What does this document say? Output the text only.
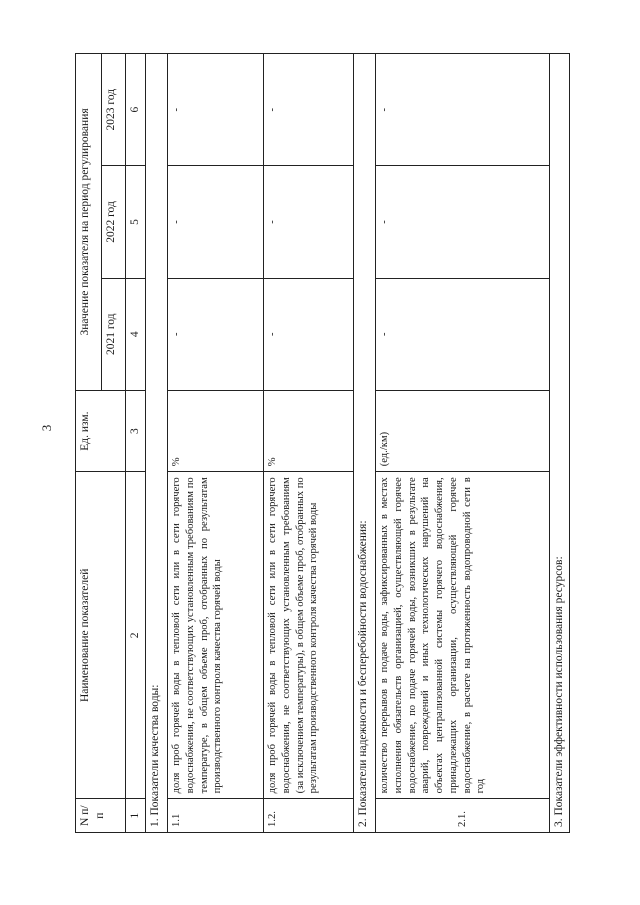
3
N п/п	Наименование показателей	Ед. изм.	Значение показателя на период регулирования		
			2021 год	2022 год	2023 год
1	2	3	4	5	6
1. Показатели качества воды:					
1.1	доля проб горячей воды в тепловой сети или в сети горячего водоснабжения, не соответствующих установленным требованиям по температуре, в общем объеме проб, отобранных по результатам производственного контроля качества горячей воды	%	-	-	-
1.2.	доля проб горячей воды в тепловой сети или в сети горячего водоснабжения, не соответствующих установленным требованиям (за исключением температуры), в общем объеме проб, отобранных по результатам производственного контроля качества горячей воды	%	-	-	-
2. Показатели надежности и бесперебойности водоснабжения:					
2.1.	количество перерывов в подаче воды, зафиксированных в местах исполнения обязательств организацией, осуществляющей горячее водоснабжение, по подаче горячей воды, возникших в результате аварий, повреждений и иных технологических нарушений на объектах централизованной системы горячего водоснабжения, принадлежащих организации, осуществляющей горячее водоснабжение, в расчете на протяженность водопроводной сети в год	(ед./км)	-	-	-
3. Показатели эффективности использования ресурсов:					
